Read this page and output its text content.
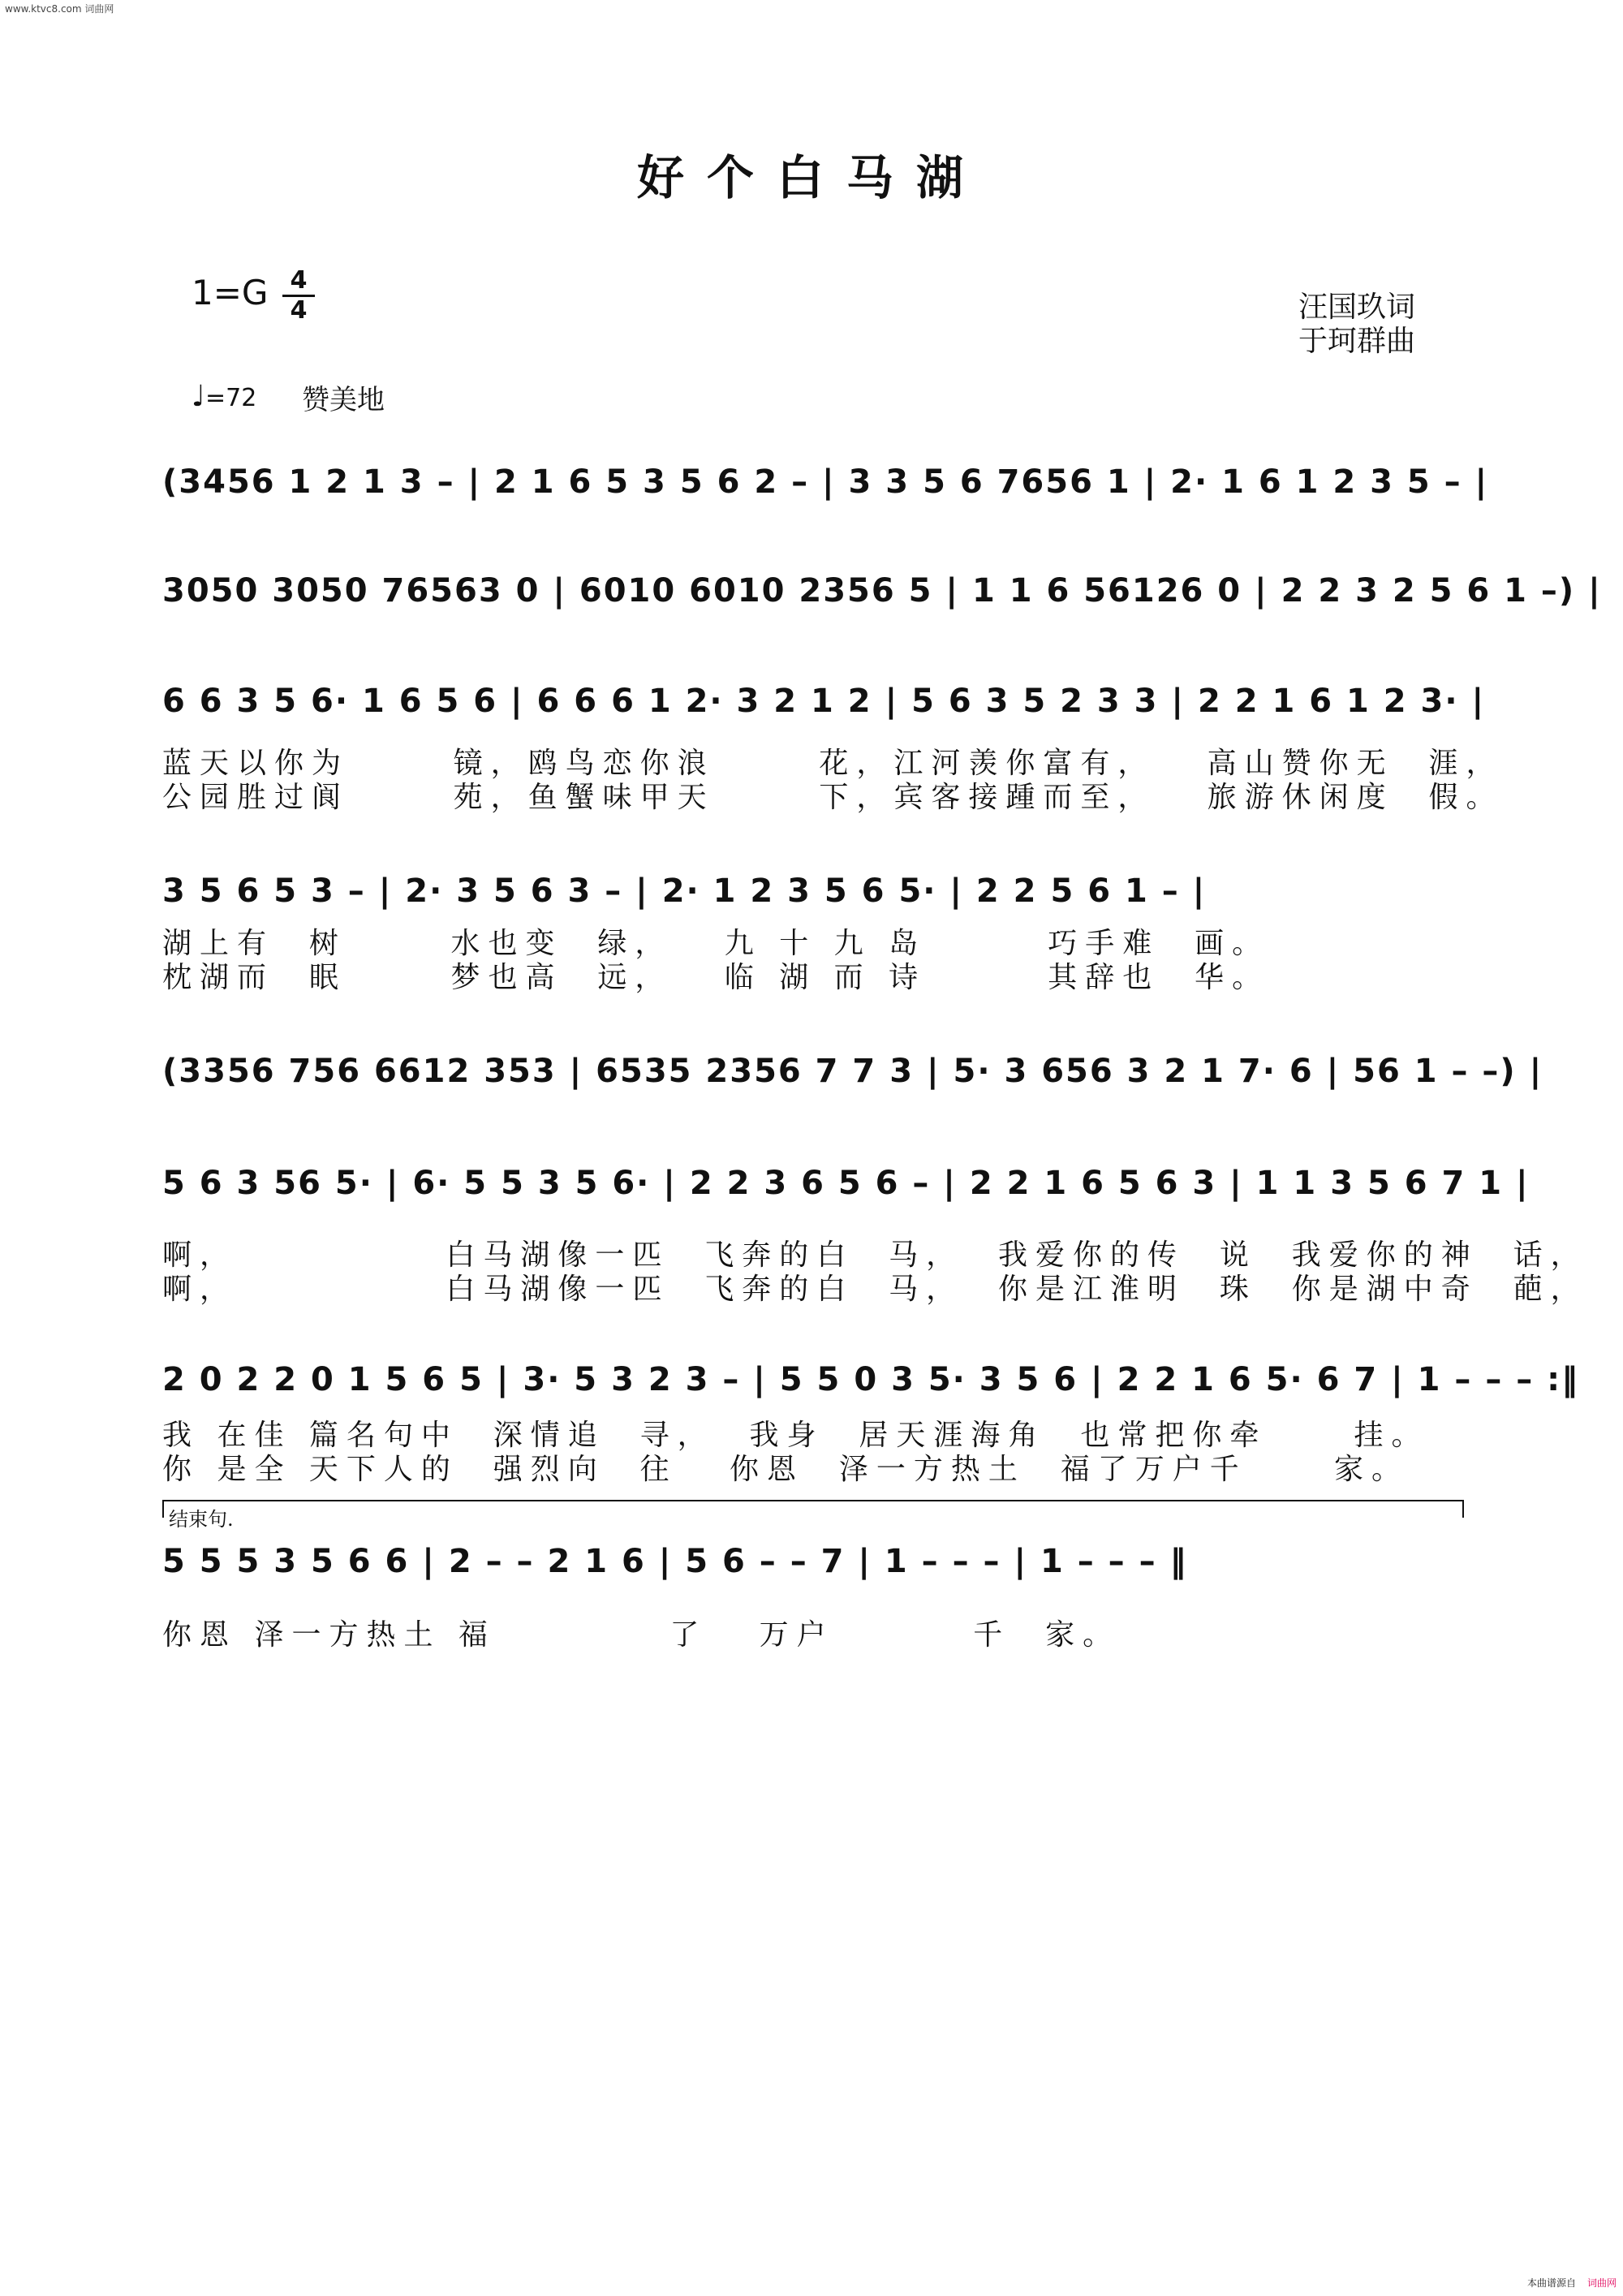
www.ktvc8.com 词曲网
好个白马湖
1=G 4
4	汪国玖词
于珂群曲
♩=72 赞美地
(3456 1 2 1 3 – | 2 1 6 5 3 5 6 2 – | 3 3 5 6 7656 1 | 2· 1 6 1 2 3 5 – |
3050 3050 76563 0 | 6010 6010 2356 5 | 1 1 6 56126 0 | 2 2 3 2 5 6 1 –) |
6 6 3 5 6· 1 6 5 6 | 6 6 6 1 2· 3 2 1 2 | 5 6 3 5 2 3 3 | 2 2 1 6 1 2 3· |
蓝天以你为      镜，鸥鸟恋你浪      花，江河羡你富有，   高山赞你无  涯，
公园胜过阆      苑，鱼蟹味甲天      下，宾客接踵而至，   旅游休闲度  假。
3 5 6 5 3 – | 2· 3 5 6 3 – | 2· 1 2 3 5 6 5· | 2 2 5 6 1 – |
湖上有  树      水也变  绿，   九 十 九 岛       巧手难  画。
枕湖而  眠      梦也高  远，   临 湖 而 诗       其辞也  华。
(3356 756 6612 353 | 6535 2356 7 7 3 | 5· 3 656 3 2 1 7· 6 | 56 1 – –) |
5 6 3 56 5· | 6· 5 5 3 5 6· | 2 2 3 6 5 6 – | 2 2 1 6 5 6 3 | 1 1 3 5 6 7 1 |
啊，            白马湖像一匹  飞奔的白  马，  我爱你的传  说  我爱你的神  话，
啊，            白马湖像一匹  飞奔的白  马，  你是江淮明  珠  你是湖中奇  葩，
2 0 2 2 0 1 5 6 5 | 3· 5 3 2 3 – | 5 5 0 3 5· 3 5 6 | 2 2 1 6 5· 6 7 | 1 – – – :‖
我 在佳 篇名句中  深情追  寻，  我身  居天涯海角  也常把你牵     挂。
你 是全 天下人的  强烈向  往   你恩  泽一方热土  福了万户千     家。
结束句.
5 5 5 3 5 6 6 | 2 – – 2 1 6 | 5 6 – – 7 | 1 – – – | 1 – – – ‖
你恩 泽一方热土 福          了   万户        千  家。
本曲谱源自 词曲网
